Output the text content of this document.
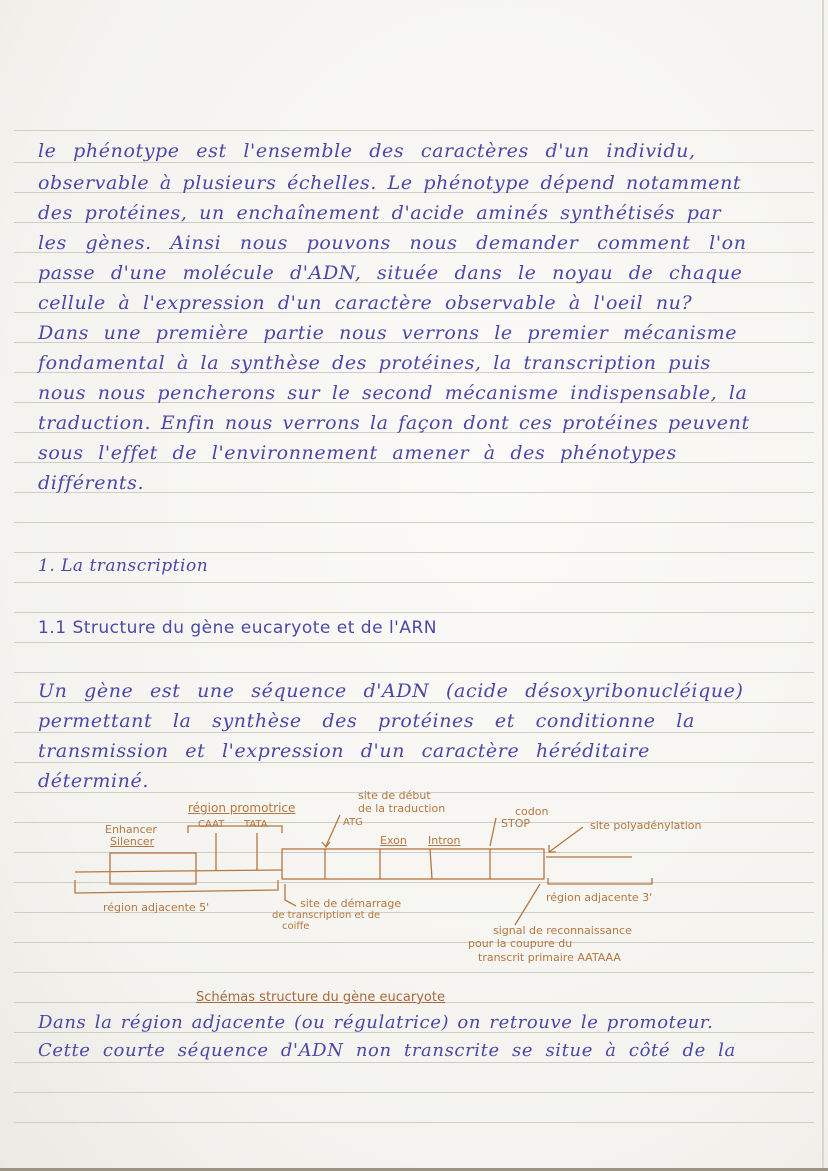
le phénotype est l'ensemble des caractères d'un individu,
observable à plusieurs échelles. Le phénotype dépend notamment
des protéines, un enchaînement d'acide aminés synthétisés par
les gènes. Ainsi nous pouvons nous demander comment l'on
passe d'une molécule d'ADN, située dans le noyau de chaque
cellule à l'expression d'un caractère observable à l'oeil nu?
Dans une première partie nous verrons le premier mécanisme
fondamental à la synthèse des protéines, la transcription puis
nous nous pencherons sur le second mécanisme indispensable, la
traduction. Enfin nous verrons la façon dont ces protéines peuvent
sous l'effet de l'environnement amener à des phénotypes
différents.
1. La transcription
1.1 Structure du gène eucaryote et de l'ARN
Un gène est une séquence d'ADN (acide désoxyribonucléique)
permettant la synthèse des protéines et conditionne la
transmission et l'expression d'un caractère héréditaire
déterminé.
région promotrice
CAAT TATA
Enhancer
Silencer
site de début
de la traduction
ATG
Exon Intron
codon
STOP	site polyadénylation
région adjacente 5'	site de démarrage
de transcription et de
coiffe
région adjacente 3'
signal de reconnaissance
pour la coupure du
transcrit primaire AATAAA
Schémas structure du gène eucaryote
Dans la région adjacente (ou régulatrice) on retrouve le promoteur.
Cette courte séquence d'ADN non transcrite se situe à côté de la
